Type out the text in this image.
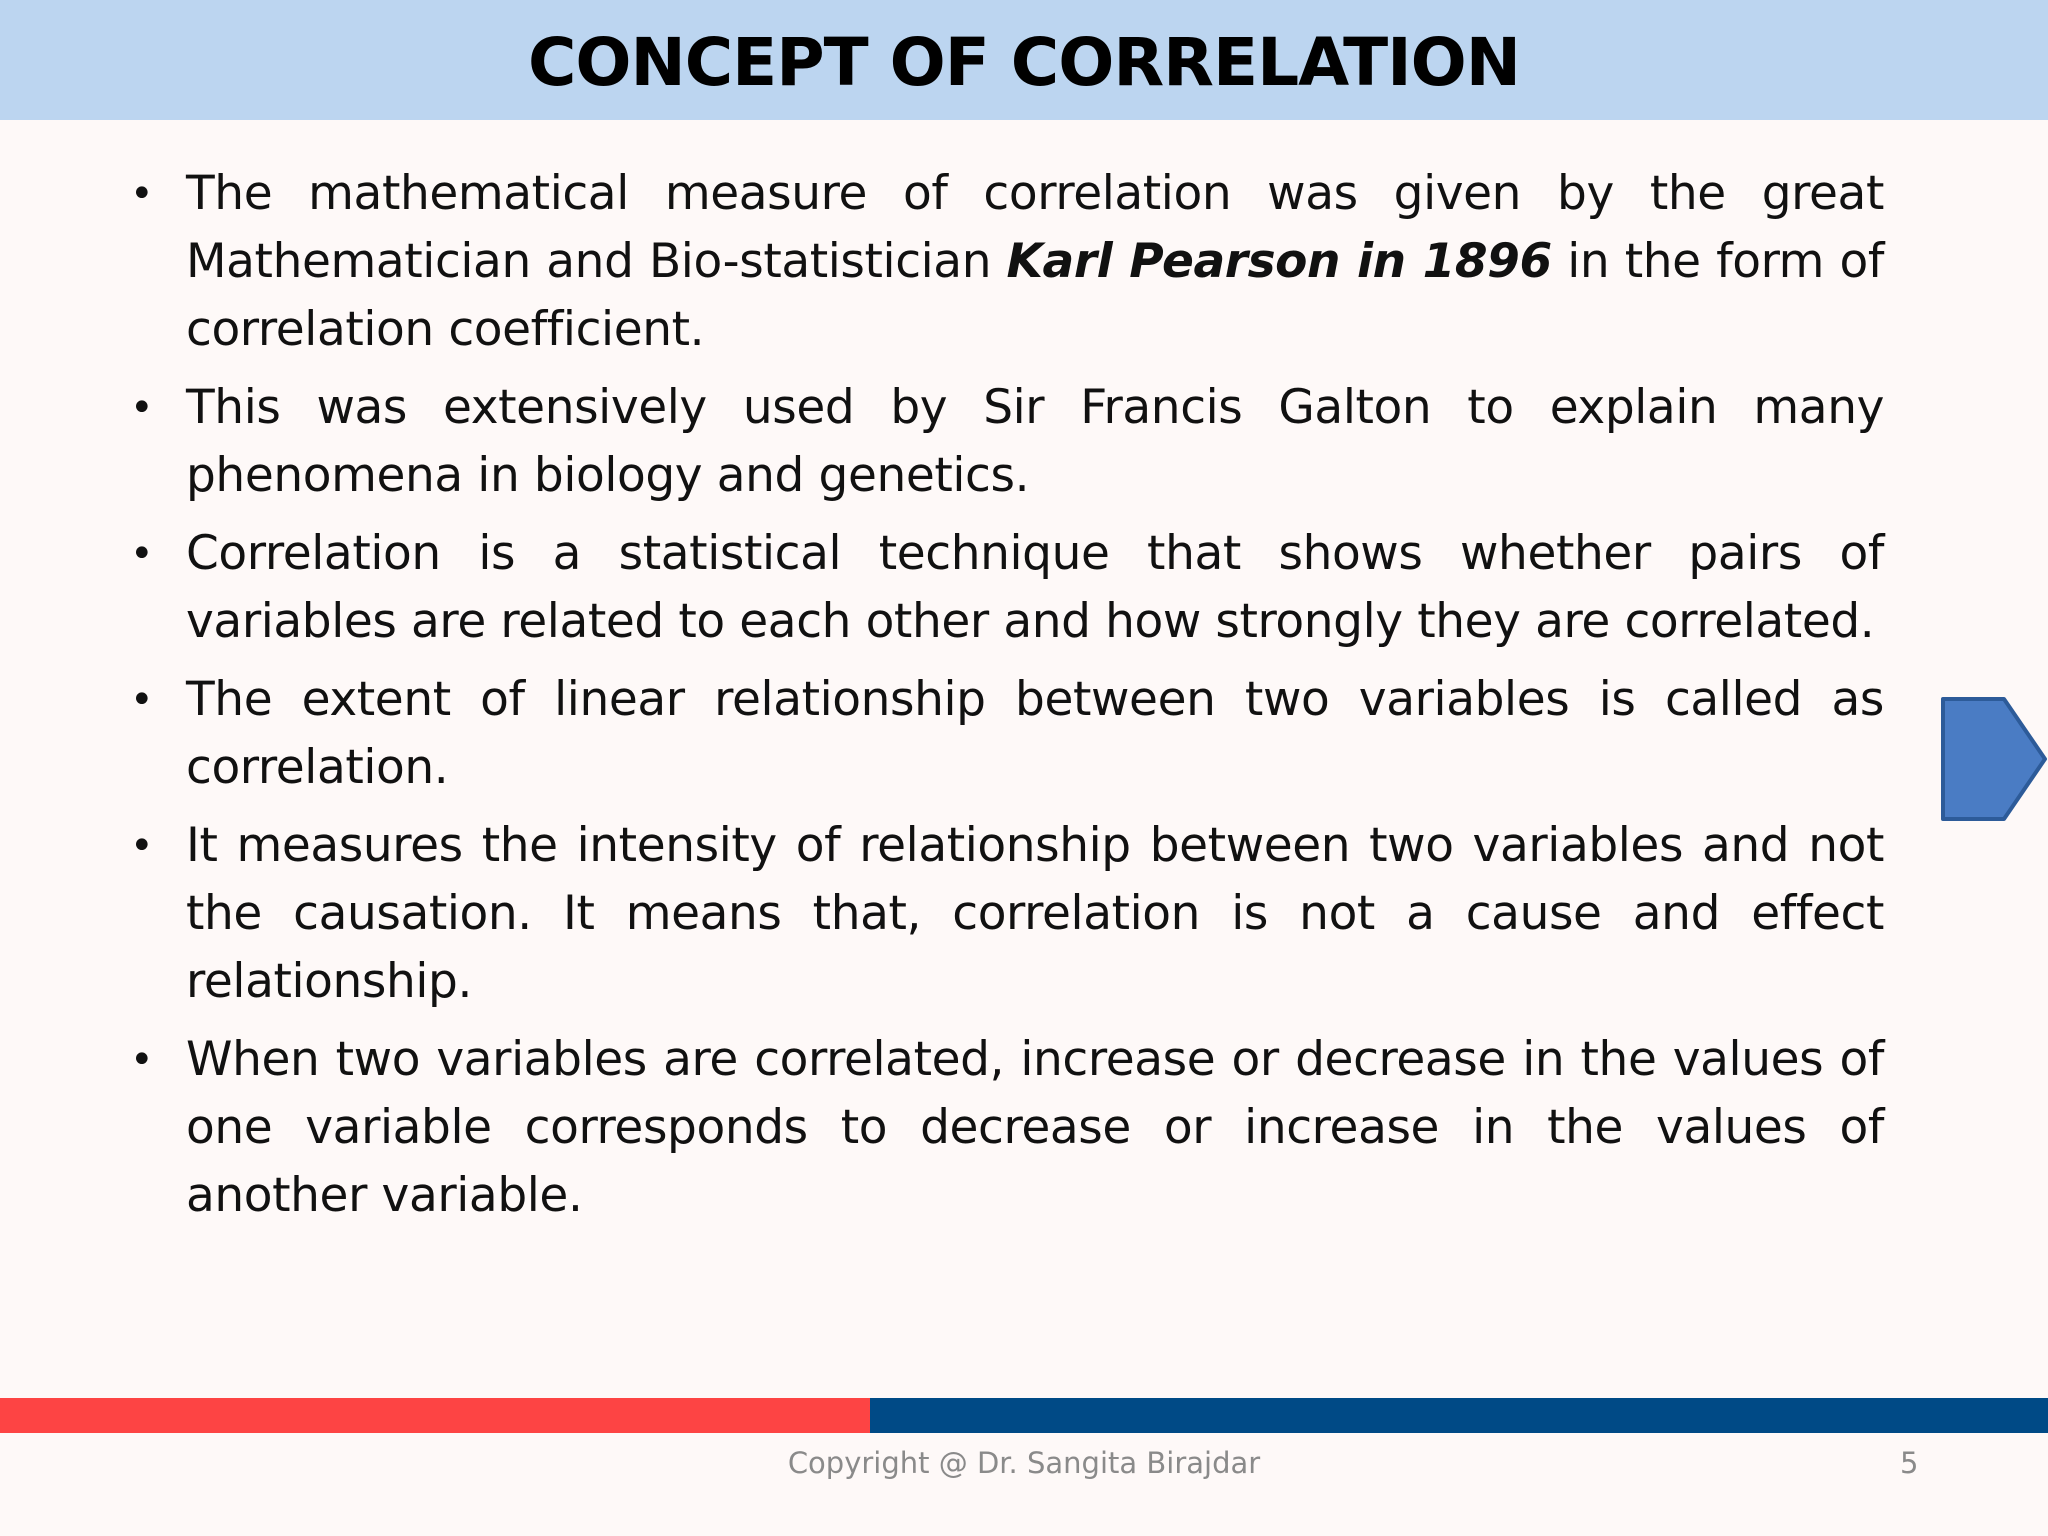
CONCEPT OF CORRELATION
• The mathematical measure of correlation was given by the great Mathematician and Bio-statistician Karl Pearson in 1896 in the form of correlation coefficient.
• This was extensively used by Sir Francis Galton to explain many phenomena in biology and genetics.
• Correlation is a statistical technique that shows whether pairs of variables are related to each other and how strongly they are correlated.
• The extent of linear relationship between two variables is called as correlation.
• It measures the intensity of relationship between two variables and not the causation. It means that, correlation is not a cause and effect relationship.
• When two variables are correlated, increase or decrease in the values of one variable corresponds to decrease or increase in the values of another variable.
Copyright @ Dr. Sangita Birajdar	5
